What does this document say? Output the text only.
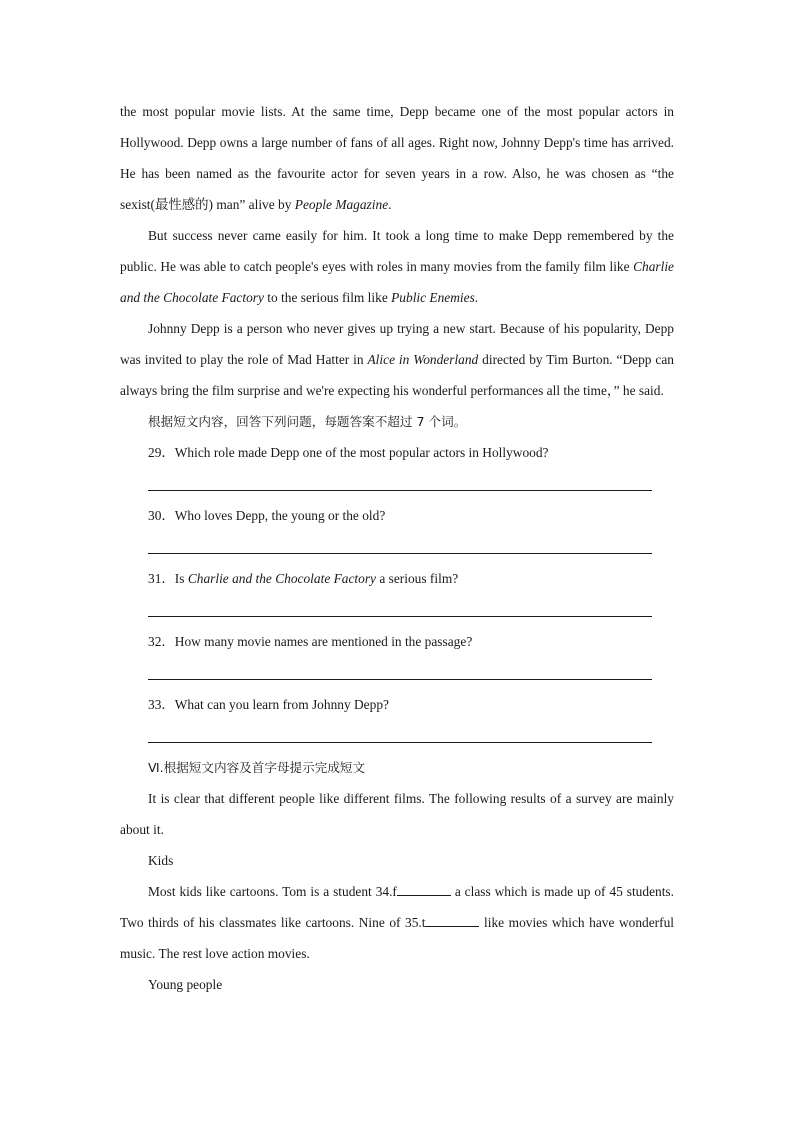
the most popular movie lists. At the same time, Depp became one of the most popular actors in Hollywood. Depp owns a large number of fans of all ages. Right now, Johnny Depp's time has arrived. He has been named as the favourite actor for seven years in a row. Also, he was chosen as “the sexist(最性感的) man” alive by People Magazine.

But success never came easily for him. It took a long time to make Depp remembered by the public. He was able to catch people's eyes with roles in many movies from the family film like Charlie and the Chocolate Factory to the serious film like Public Enemies.

Johnny Depp is a person who never gives up trying a new start. Because of his popularity, Depp was invited to play the role of Mad Hatter in Alice in Wonderland directed by Tim Burton. “Depp can always bring the film surprise and we're expecting his wonderful performances all the time，” he said.

根据短文内容，回答下列问题，每题答案不超过 7 个词。

29．Which role made Depp one of the most popular actors in Hollywood?

30．Who loves Depp, the young or the old?

31．Is Charlie and the Chocolate Factory a serious film?

32．How many movie names are mentioned in the passage?

33．What can you learn from Johnny Depp?

Ⅵ.根据短文内容及首字母提示完成短文

It is clear that different people like different films. The following results of a survey are mainly about it.

Kids

Most kids like cartoons. Tom is a student 34.f	a class which is made up of 45 students. Two thirds of his classmates like cartoons. Nine of 35.t	like movies which have wonderful music. The rest love action movies.

Young people
